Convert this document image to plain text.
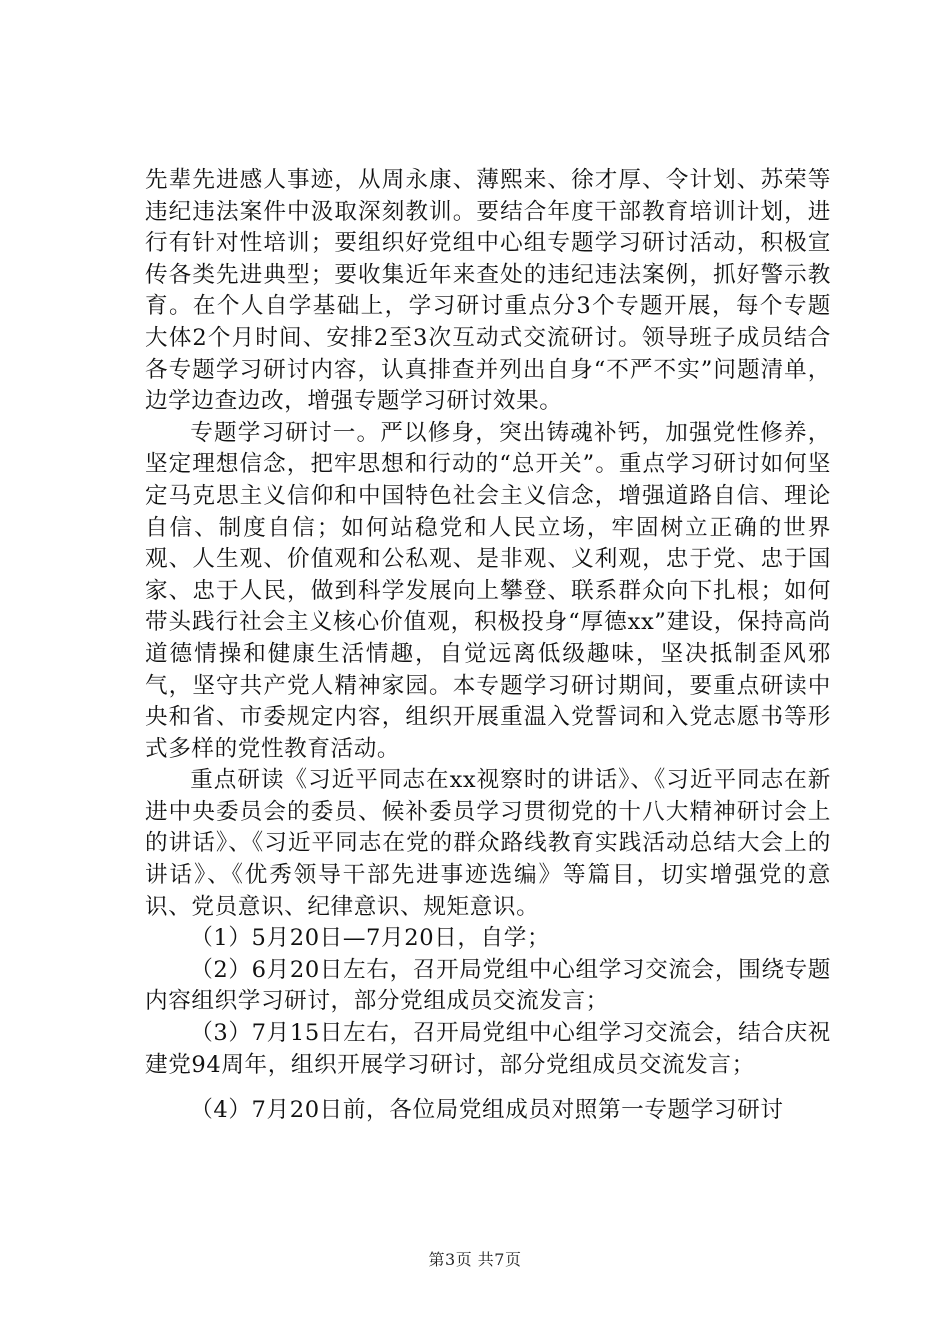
先辈先进感人事迹，从周永康、薄熙来、徐才厚、令计划、苏荣等违纪违法案件中汲取深刻教训。要结合年度干部教育培训计划，进行有针对性培训；要组织好党组中心组专题学习研讨活动，积极宣传各类先进典型；要收集近年来查处的违纪违法案例，抓好警示教育。在个人自学基础上，学习研讨重点分3个专题开展，每个专题大体2个月时间、安排2至3次互动式交流研讨。领导班子成员结合各专题学习研讨内容，认真排查并列出自身“不严不实”问题清单，边学边查边改，增强专题学习研讨效果。

专题学习研讨一。严以修身，突出铸魂补钙，加强党性修养，坚定理想信念，把牢思想和行动的“总开关”。重点学习研讨如何坚定马克思主义信仰和中国特色社会主义信念，增强道路自信、理论自信、制度自信；如何站稳党和人民立场，牢固树立正确的世界观、人生观、价值观和公私观、是非观、义利观，忠于党、忠于国家、忠于人民，做到科学发展向上攀登、联系群众向下扎根；如何带头践行社会主义核心价值观，积极投身“厚德xx”建设，保持高尚道德情操和健康生活情趣，自觉远离低级趣味，坚决抵制歪风邪气，坚守共产党人精神家园。本专题学习研讨期间，要重点研读中央和省、市委规定内容，组织开展重温入党誓词和入党志愿书等形式多样的党性教育活动。

重点研读《习近平同志在xx视察时的讲话》、《习近平同志在新进中央委员会的委员、候补委员学习贯彻党的十八大精神研讨会上的讲话》、《习近平同志在党的群众路线教育实践活动总结大会上的讲话》、《优秀领导干部先进事迹选编》等篇目，切实增强党的意识、党员意识、纪律意识、规矩意识。

（1）5月20日—7月20日，自学；

（2）6月20日左右，召开局党组中心组学习交流会，围绕专题内容组织学习研讨，部分党组成员交流发言；

（3）7月15日左右，召开局党组中心组学习交流会，结合庆祝建党94周年，组织开展学习研讨，部分党组成员交流发言；

（4）7月20日前，各位局党组成员对照第一专题学习研讨

第3页 共7页
